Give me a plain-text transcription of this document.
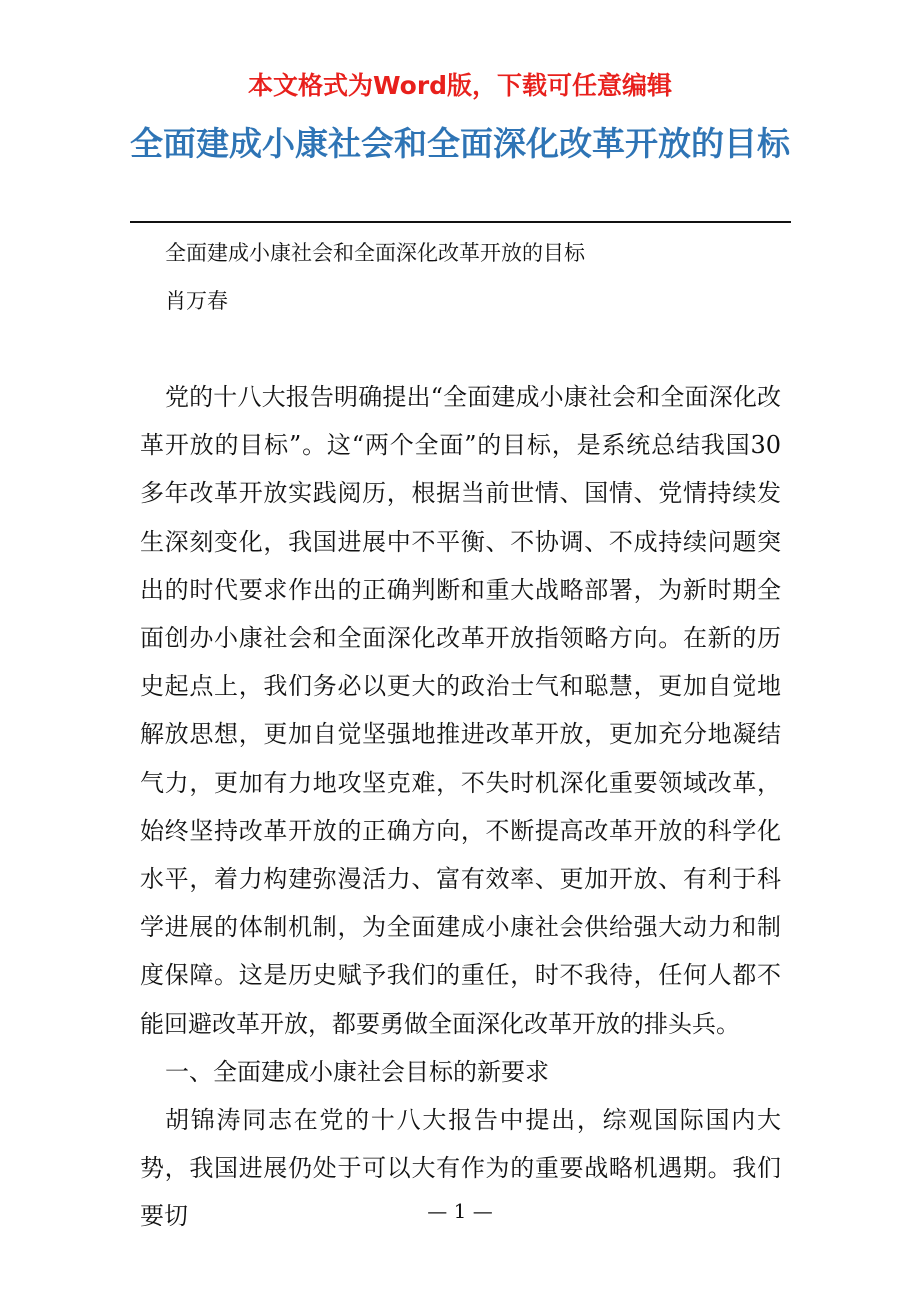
本文格式为Word版，下载可任意编辑
全面建成小康社会和全面深化改革开放的目标
全面建成小康社会和全面深化改革开放的目标
肖万春

党的十八大报告明确提出“全面建成小康社会和全面深化改革开放的目标”。这“两个全面”的目标，是系统总结我国30多年改革开放实践阅历，根据当前世情、国情、党情持续发生深刻变化，我国进展中不平衡、不协调、不成持续问题突出的时代要求作出的正确判断和重大战略部署，为新时期全面创办小康社会和全面深化改革开放指领略方向。在新的历史起点上，我们务必以更大的政治士气和聪慧，更加自觉地解放思想，更加自觉坚强地推进改革开放，更加充分地凝结气力，更加有力地攻坚克难，不失时机深化重要领域改革，始终坚持改革开放的正确方向，不断提高改革开放的科学化水平，着力构建弥漫活力、富有效率、更加开放、有利于科学进展的体制机制，为全面建成小康社会供给强大动力和制度保障。这是历史赋予我们的重任，时不我待，任何人都不能回避改革开放，都要勇做全面深化改革开放的排头兵。

一、全面建成小康社会目标的新要求

胡锦涛同志在党的十八大报告中提出，综观国际国内大势，我国进展仍处于可以大有作为的重要战略机遇期。我们要切	— 1 —
